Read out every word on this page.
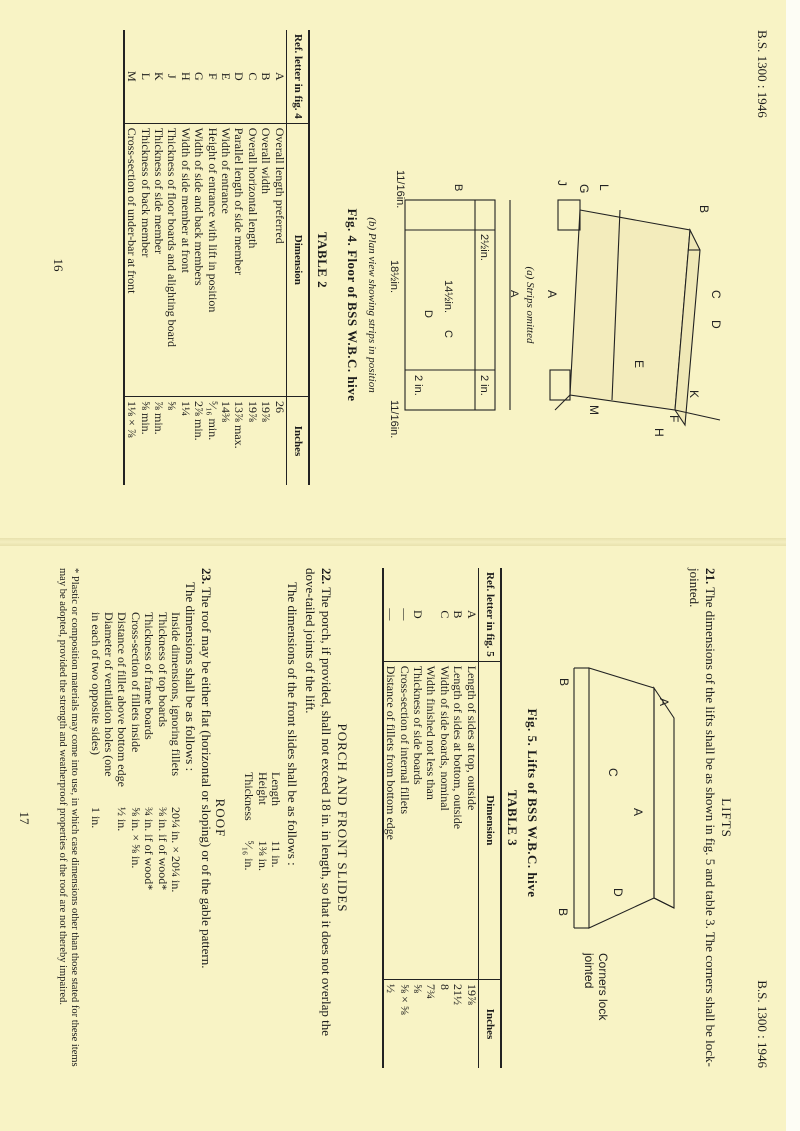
B.S. 1300 : 1946
C
D
A
B
F
H
K
M
E
G
J
L
(a) Strips omitted
A
2½in.
14½in.
18½in.
2 in.
2 in.
11/16in.
11/16in.
B
C
D
(b) Plan view showing strips in position
Fig. 4. Floor of BSS W.B.C. hive
TABLE 2
Ref. letter in fig. 4	Dimension	Inches
A	Overall length preferred	26
B	Overall width	19⅞
C	Overall horizontal length	19⅞
D	Parallel length of side member	13⅞ max.
E	Width of entrance	14⅜
F	Height of entrance with lift in position	⁵⁄₁₆ min.
G	Width of side and back members	2⅞ min.
H	Width of side member at front	1¼
J	Thickness of floor boards and alighting board	⅝
K	Thickness of side member	⅞ min.
L	Thickness of back member	⅝ min.
M	Cross-section of under-bar at front	1⅛ × ⅞
16
B.S. 1300 : 1946
LIFTS
21. The dimensions of the lifts shall be as shown in fig. 5 and table 3. The corners shall be lock-jointed.
A
A
B
B
C
D
Corners lock jointed
Fig. 5. Lifts of BSS W.B.C. hive
TABLE 3
Ref. letter in fig. 5	Dimension	Inches
A	Length of sides at top, outside	19⅞
B	Length of sides at bottom, outside	21½
C	Width of side boards, nominal	8
	Width finished not less than	7¾
D	Thickness of side boards	⅝
—	Cross-section of internal fillets	⅝ × ⅝
—	Distance of fillets from bottom edge	½
PORCH AND FRONT SLIDES
22. The porch, if provided, shall not exceed 18 in. in length, so that it does not overlap the dove-tailed joints of the lift.
The dimensions of the front slides shall be as follows :
Length	11 in.
Height	1⅜ in.
Thickness	⁵⁄₁₆ in.
ROOF
23. The roof may be either flat (horizontal or sloping) or of the gable pattern.
The dimensions shall be as follows :
Inside dimensions, ignoring fillets	20¼ in. × 20¼ in.
Thickness of top boards	⅜ in. if of wood*
Thickness of frame boards	¾ in. if of wood*
Cross-section of fillets inside	⅝ in. × ⅝ in.
Distance of fillet above bottom edge	½ in.
Diameter of ventilation holes (one	
in each of two opposite sides)	1 in.
* Plastic or composition materials may come into use, in which case dimensions other than those stated for these items may be adopted, provided the strength and weatherproof properties of the roof are not thereby impaired.
17
